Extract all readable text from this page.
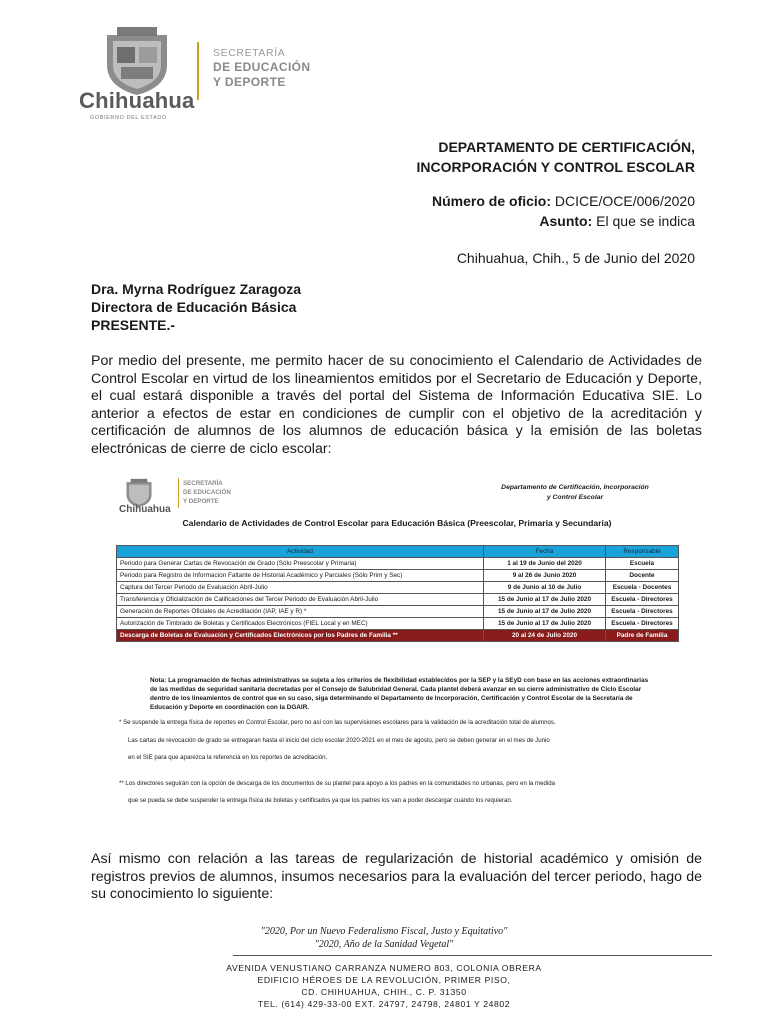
Chihuahua
GOBIERNO DEL ESTADO
SECRETARÍA
DE EDUCACIÓN
Y DEPORTE
DEPARTAMENTO DE CERTIFICACIÓN,
INCORPORACIÓN Y CONTROL ESCOLAR
Número de oficio: DCICE/OCE/006/2020
Asunto: El que se indica
Chihuahua, Chih., 5 de Junio del 2020
Dra. Myrna Rodríguez Zaragoza
Directora de Educación Básica
PRESENTE.-
Por medio del presente, me permito hacer de su conocimiento el Calendario de Actividades de Control Escolar en virtud de los lineamientos emitidos por el Secretario de Educación y Deporte, el cual estará disponible a través del portal del Sistema de Información Educativa SIE. Lo anterior a efectos de estar en condiciones de cumplir con el objetivo de la acreditación y certificación de alumnos de los alumnos de educación básica y la emisión de las boletas electrónicas de cierre de ciclo escolar:
Chihuahua
SECRETARÍA
DE EDUCACIÓN
Y DEPORTE
Departamento de Certificación, Incorporación
y Control Escolar
Calendario de Actividades de Control Escolar para Educación Básica (Preescolar, Primaria y Secundaria)
Actividad	Fecha	Responsable
Periodo para Generar Cartas de Revocación de Grado (Sólo Preescolar y Primaria)	1 al 19 de Junio del 2020	Escuela
Periodo para Registro de Informacion Faltante de Historial Académico y Parciales (Sólo Prim y Sec)	9 al 26 de Junio 2020	Docente
Captura del Tercer Periodo de Evaluación Abril-Julio	9 de Junio al 10 de Julio	Escuela - Docentes
Transferencia y Oficialización de Calificaciones del Tercer Periodo de Evaluación Abril-Julio	15 de Junio al 17 de Julio 2020	Escuela - Directores
Generación de Reportes Oficiales de Acreditación (IAP, IAE y R) *	15 de Junio al 17 de Julio 2020	Escuela - Directores
Autorización de Timbrado de Boletas y Certificados Electrónicos (FIEL Local y en MEC)	15 de Junio al 17 de Julio 2020	Escuela - Directores
Descarga de Boletas de Evaluación y Certificados Electrónicos por los Padres de Familia **	20 al 24 de Julio 2020	Padre de Familia
Nota: La programación de fechas administrativas se sujeta a los criterios de flexibilidad establecidos por la SEP y la SEyD con base en las acciones extraordinarias de las medidas de seguridad sanitaria decretadas por el Consejo de Salubridad General. Cada plantel deberá avanzar en su cierre administrativo de Ciclo Escolar dentro de los lineamientos de control que en su caso, siga determinando el Departamento de Incorporación, Certificación y Control Escolar de la Secretaría de Educación y Deporte en coordinación con la DGAIR.
* Se suspende la entrega física de reportes en Control Escolar, pero no así con las supervisiones escolares para la validación de la acreditación total de alumnos.
Las cartas de revocación de grado se entregaran hasta el inicio del ciclo escolar 2020-2021 en el mes de agosto, pero se deben generar en el mes de Junio
en el SIE para que aparezca la referencia en los reportes de acreditación.
** Los directores seguirán con la opción de descarga de los documentos de su plantel para apoyo a los padres en la comunidades no urbanas, pero en la medida
que se pueda se debe suspender la entrega física de boletas y certificados ya que los padres los van a poder descargar cuando los requieran.
Así mismo con relación a las tareas de regularización de historial académico y omisión de registros previos de alumnos, insumos necesarios para la evaluación del tercer periodo, hago de su conocimiento lo siguiente:
"2020, Por un Nuevo Federalismo Fiscal, Justo y Equitativo"
"2020, Año de la Sanidad Vegetal"
AVENIDA VENUSTIANO CARRANZA NUMERO 803, COLONIA OBRERA
EDIFICIO HÉROES DE LA REVOLUCIÓN, PRIMER PISO,
CD. CHIHUAHUA, CHIH., C. P. 31350
TEL. (614) 429-33-00 EXT. 24797, 24798, 24801 Y 24802
